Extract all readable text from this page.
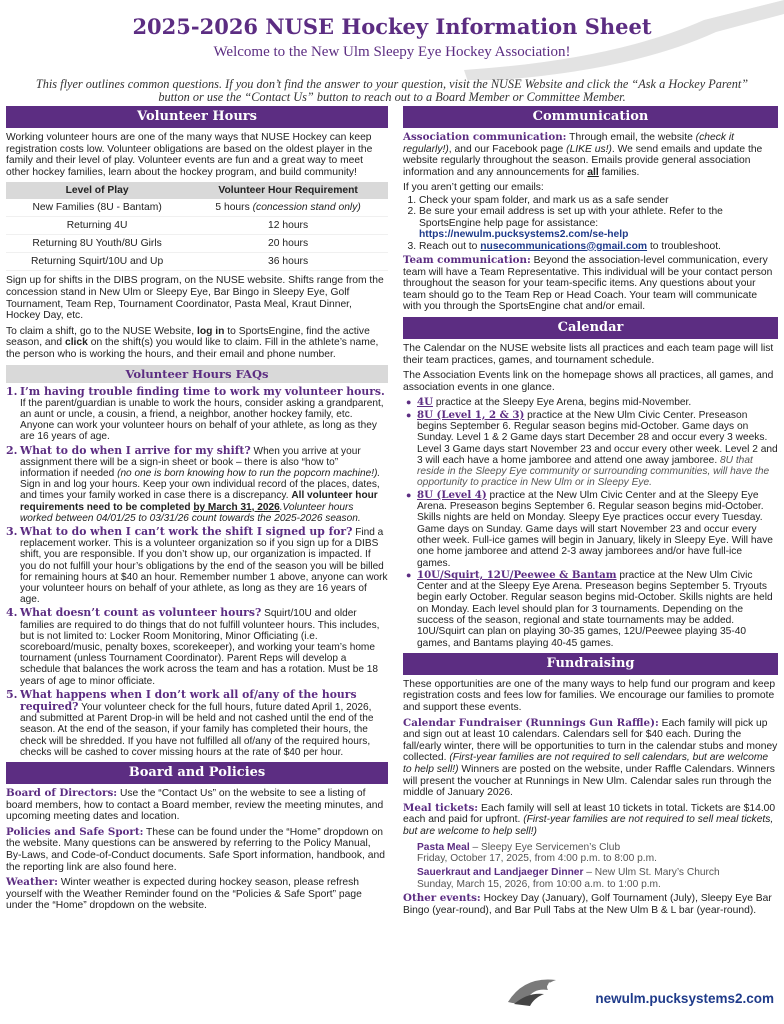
2025-2026 NUSE Hockey Information Sheet
Welcome to the New Ulm Sleepy Eye Hockey Association!
This flyer outlines common questions. If you don’t find the answer to your question, visit the NUSE Website and click the “Ask a Hockey Parent” button or use the “Contact Us” button to reach out to a Board Member or Committee Member.
Volunteer Hours

Working volunteer hours are one of the many ways that NUSE Hockey can keep registration costs low. Volunteer obligations are based on the oldest player in the family and their level of play. Volunteer events are fun and a great way to meet other hockey families, learn about the hockey program, and build community!

Level of Play	Volunteer Hour Requirement
New Families (8U - Bantam)	5 hours (concession stand only)
Returning 4U	12 hours
Returning 8U Youth/8U Girls	20 hours
Returning Squirt/10U and Up	36 hours

Sign up for shifts in the DIBS program, on the NUSE website. Shifts range from the concession stand in New Ulm or Sleepy Eye, Bar Bingo in Sleepy Eye, Golf Tournament, Team Rep, Tournament Coordinator, Pasta Meal, Kraut Dinner, Hockey Day, etc.

To claim a shift, go to the NUSE Website, log in to SportsEngine, find the active season, and click on the shift(s) you would like to claim. Fill in the athlete’s name, the person who is working the hours, and their email and phone number.

Volunteer Hours FAQs
1. I’m having trouble finding time to work my volunteer hours. If the parent/guardian is unable to work the hours, consider asking a grandparent, an aunt or uncle, a cousin, a friend, a neighbor, another hockey family, etc. Anyone can work your volunteer hours on behalf of your athlete, as long as they are 16 years of age.
2. What to do when I arrive for my shift? When you arrive at your assignment there will be a sign-in sheet or book – there is also “how to” information if needed (no one is born knowing how to run the popcorn machine!). Sign in and log your hours. Keep your own individual record of the places, dates, and times your family worked in case there is a discrepancy. All volunteer hour requirements need to be completed by March 31, 2026.Volunteer hours worked between 04/01/25 to 03/31/26 count towards the 2025-2026 season.
3. What to do when I can’t work the shift I signed up for? Find a replacement worker. This is a volunteer organization so if you sign up for a DIBS shift, you are responsible. If you don’t show up, our organization is impacted. If you do not fulfill your hour’s obligations by the end of the season you will be billed for remaining hours at $40 an hour. Remember number 1 above, anyone can work your volunteer hours on behalf of your athlete, as long as they are 16 years of age.
4. What doesn’t count as volunteer hours? Squirt/10U and older families are required to do things that do not fulfill volunteer hours. This includes, but is not limited to: Locker Room Monitoring, Minor Officiating (i.e. scoreboard/music, penalty boxes, scorekeeper), and working your team’s home tournament (unless Tournament Coordinator). Parent Reps will develop a schedule that balances the work across the team and has a rotation. Must be 18 years of age to minor officiate.
5. What happens when I don’t work all of/any of the hours required? Your volunteer check for the full hours, future dated April 1, 2026, and submitted at Parent Drop-in will be held and not cashed until the end of the season. At the end of the season, if your family has completed their hours, the check will be shredded. If you have not fulfilled all of/any of the required hours, checks will be cashed to cover missing hours at the rate of $40 per hour.
Board and Policies

Board of Directors: Use the “Contact Us” on the website to see a listing of board members, how to contact a Board member, review the meeting minutes, and upcoming meeting dates and location.

Policies and Safe Sport: These can be found under the “Home” dropdown on the website. Many questions can be answered by referring to the Policy Manual, By-Laws, and Code-of-Conduct documents. Safe Sport information, handbook, and the reporting link are also found here.

Weather: Winter weather is expected during hockey season, please refresh yourself with the Weather Reminder found on the “Policies & Safe Sport” page under the “Home” dropdown on the website.

Communication

Association communication: Through email, the website (check it regularly!), and our Facebook page (LIKE us!). We send emails and update the website regularly throughout the season. Emails provide general association information and any announcements for all families.

If you aren’t getting our emails:

1. Check your spam folder, and mark us as a safe sender
2. Be sure your email address is set up with your athlete. Refer to the SportsEngine help page for assistance:
https://newulm.pucksystems2.com/se-help
3. Reach out to nusecommunications@gmail.com to troubleshoot.

Team communication: Beyond the association-level communication, every team will have a Team Representative. This individual will be your contact person throughout the season for your team-specific items. Any questions about your team should go to the Team Rep or Head Coach. Your team will communicate with you through the SportsEngine chat and/or email.

Calendar

The Calendar on the NUSE website lists all practices and each team page will list their team practices, games, and tournament schedule.

The Association Events link on the homepage shows all practices, all games, and association events in one glance.

● 4U practice at the Sleepy Eye Arena, begins mid-November.
● 8U (Level 1, 2 & 3) practice at the New Ulm Civic Center. Preseason begins September 6. Regular season begins mid-October. Game days on Sunday. Level 1 & 2 Game days start December 28 and occur every 3 weeks. Level 3 Game days start November 23 and occur every other week. Level 2 and 3 will each have a home jamboree and attend one away jamboree. 8U that reside in the Sleepy Eye community or surrounding communities, will have the opportunity to practice in New Ulm or in Sleepy Eye.
● 8U (Level 4) practice at the New Ulm Civic Center and at the Sleepy Eye Arena. Preseason begins September 6. Regular season begins mid-October. Skills nights are held on Monday. Sleepy Eye practices occur every Tuesday. Game days on Sunday. Game days will start November 23 and occur every other week. Full-ice games will begin in January, likely in Sleepy Eye. Will have one home jamboree and attend 2-3 away jamborees and/or have full-ice games.
● 10U/Squirt, 12U/Peewee & Bantam practice at the New Ulm Civic Center and at the Sleepy Eye Arena. Preseason begins September 5. Tryouts begin early October. Regular season begins mid-October. Skills nights are held on Monday. Each level should plan for 3 tournaments. Depending on the success of the season, regional and state tournaments may be added. 10U/Squirt can plan on playing 30-35 games, 12U/Peewee playing 35-40 games, and Bantams playing 40-45 games.
Fundraising

These opportunities are one of the many ways to help fund our program and keep registration costs and fees low for families. We encourage our families to promote and support these events.

Calendar Fundraiser (Runnings Gun Raffle): Each family will pick up and sign out at least 10 calendars. Calendars sell for $40 each. During the fall/early winter, there will be opportunities to turn in the calendar stubs and money collected. (First-year families are not required to sell calendars, but are welcome to help sell!) Winners are posted on the website, under Raffle Calendars. Winners will present the voucher at Runnings in New Ulm. Calendar sales run through the middle of January 2026.

Meal tickets: Each family will sell at least 10 tickets in total. Tickets are $14.00 each and paid for upfront. (First-year families are not required to sell meal tickets, but are welcome to help sell!)

Pasta Meal – Sleepy Eye Servicemen’s Club
Friday, October 17, 2025, from 4:00 p.m. to 8:00 p.m.
Sauerkraut and Landjaeger Dinner – New Ulm St. Mary’s Church
Sunday, March 15, 2026, from 10:00 a.m. to 1:00 p.m.

Other events: Hockey Day (January), Golf Tournament (July), Sleepy Eye Bar Bingo (year-round), and Bar Pull Tabs at the New Ulm B & L bar (year-round).

newulm.pucksystems2.com
